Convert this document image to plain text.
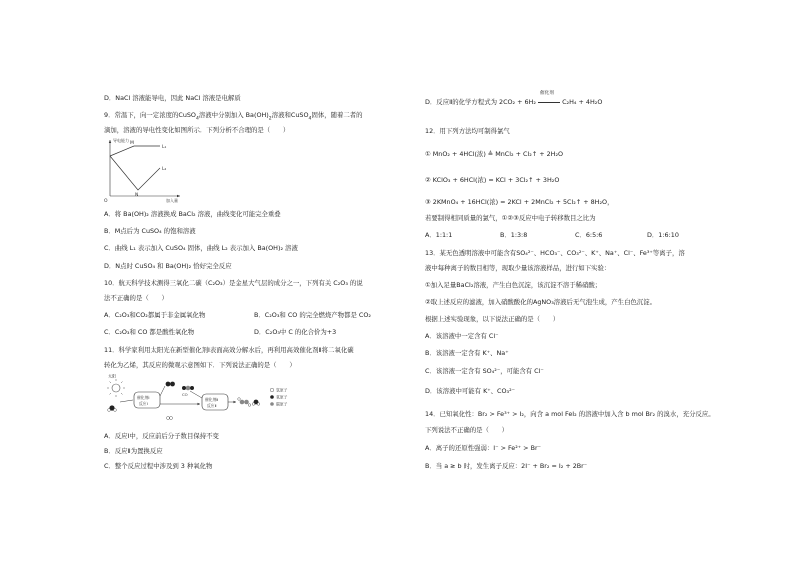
D．NaCl 溶液能导电，因此 NaCl 溶液是电解质
9．常温下，向一定浓度的CuSO$_4$溶液中分别加入 $Ba(OH)_2$溶液和CuSO$_4$固体，随着二者的
滴加，溶液的导电性变化如图所示．下列分析不合理的是（　　）
导电能力
加入量
O
M
N
L₁
L₂
A．将 Ba(OH)₂ 溶液换成 BaCl₂ 溶液，曲线变化可能完全重叠
B．M点后为 CuSO₄ 的饱和溶液
C．曲线 L₁ 表示加入 CuSO₄ 固体，曲线 L₂ 表示加入 Ba(OH)₂ 溶液
D．N点时 CuSO₄ 和 Ba(OH)₂ 恰好完全反应
10．航天科学技术测得三氧化二碳（C₂O₃）是金星大气层的成分之一，下列有关 C₂O₃ 的说
法不正确的是（　　）
A．C₂O₃和CO₂都属于非金属氧化物	B．C₂O₃和 CO 的完全燃烧产物都是 CO₂
C．C₂O₃和 CO 都是酸性氧化物	D．C₂O₃中 C 的化合价为+3
11．科学家利用太阳光在新型催化剂Ⅰ表面高效分解水后，再利用高效催化剂Ⅱ将二氧化碳
转化为乙烯，其反应的微观示意图如下．下列说法正确的是（　　）
太阳
催化剂Ⅰ
反应Ⅰ
CO
催化剂Ⅱ
反应Ⅱ
氢原子
氧原子
碳原子
A．反应Ⅰ中，反应前后分子数目保持不变
B．反应Ⅱ为置换反应
C．整个反应过程中涉及到 3 种氧化物
D．反应Ⅱ的化学方程式为 2CO₂ + 6H₂
催化剂
C₂H₄ + 4H₂O
12．用下列方法均可制得氯气
① MnO₂ + 4HCl(浓) ≜ MnCl₂ + Cl₂↑ + 2H₂O
② KClO₃ + 6HCl(浓) = KCl + 3Cl₂↑ + 3H₂O
③ 2KMnO₄ + 16HCl(浓) = 2KCl + 2MnCl₂ + 5Cl₂↑ + 8H₂O，
若要制得相同质量的氯气，①②③反应中电子转移数目之比为
A．1:1:1	B．1:3:8	C．6:5:6	D．1:6:10
13．某无色透明溶液中可能含有SO₄²⁻、HCO₃⁻、CO₃²⁻、K⁺、Na⁺、Cl⁻、Fe³⁺等离子，溶
液中每种离子的数目相等，现取少量该溶液样品，进行如下实验：
①加入足量BaCl₂溶液，产生白色沉淀，该沉淀不溶于稀硝酸；
②取上述反应的滤液，加入硝酸酸化的AgNO₃溶液后无气泡生成，产生白色沉淀。
根据上述实验现象，以下说法正确的是（　　）
A．该溶液中一定含有 Cl⁻
B．该溶液一定含有 K⁺、Na⁺
C．该溶液一定含有 SO₄²⁻，可能含有 Cl⁻
D．该溶液中可能有 K⁺、CO₃²⁻
14．已知氧化性：Br₂ > Fe³⁺ > I₂，向含 a mol FeI₂ 的溶液中加入含 b mol Br₂ 的溴水，充分反应。
下列说法不正确的是（　　）
A．离子的还原性强弱：I⁻ > Fe²⁺ > Br⁻
B．当 a ≥ b 时，发生离子反应：2I⁻ + Br₂ = I₂ + 2Br⁻
